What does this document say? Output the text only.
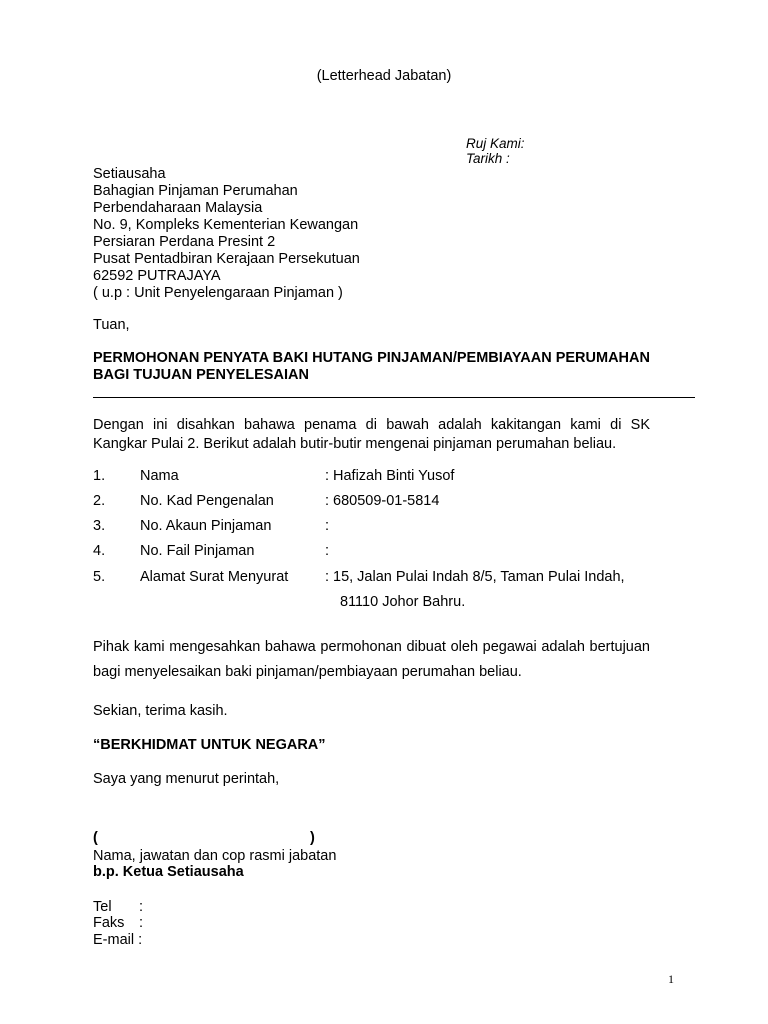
(Letterhead Jabatan)
Ruj Kami:
Tarikh :
Setiausaha
Bahagian Pinjaman Perumahan
Perbendaharaan Malaysia
No. 9, Kompleks Kementerian Kewangan
Persiaran Perdana Presint 2
Pusat Pentadbiran Kerajaan Persekutuan
62592 PUTRAJAYA
( u.p : Unit Penyelengaraan Pinjaman )
Tuan,
PERMOHONAN PENYATA BAKI HUTANG PINJAMAN/PEMBIAYAAN PERUMAHAN
BAGI TUJUAN PENYELESAIAN
Dengan ini disahkan bahawa penama di bawah adalah kakitangan kami di SK Kangkar Pulai 2. Berikut adalah butir-butir mengenai pinjaman perumahan beliau.
1. Nama	: Hafizah Binti Yusof
2. No. Kad Pengenalan	: 680509-01-5814
3. No. Akaun Pinjaman	:
4. No. Fail Pinjaman	:
5. Alamat Surat Menyurat	: 15, Jalan Pulai Indah 8/5, Taman Pulai Indah,
81110 Johor Bahru.
Pihak kami mengesahkan bahawa permohonan dibuat oleh pegawai adalah bertujuan bagi menyelesaikan baki pinjaman/pembiayaan perumahan beliau.
Sekian, terima kasih.
“BERKHIDMAT UNTUK NEGARA”
Saya yang menurut perintah,
(	)
Nama, jawatan dan cop rasmi jabatan
b.p. Ketua Setiausaha
Tel :
Faks :
E-mail :
1
